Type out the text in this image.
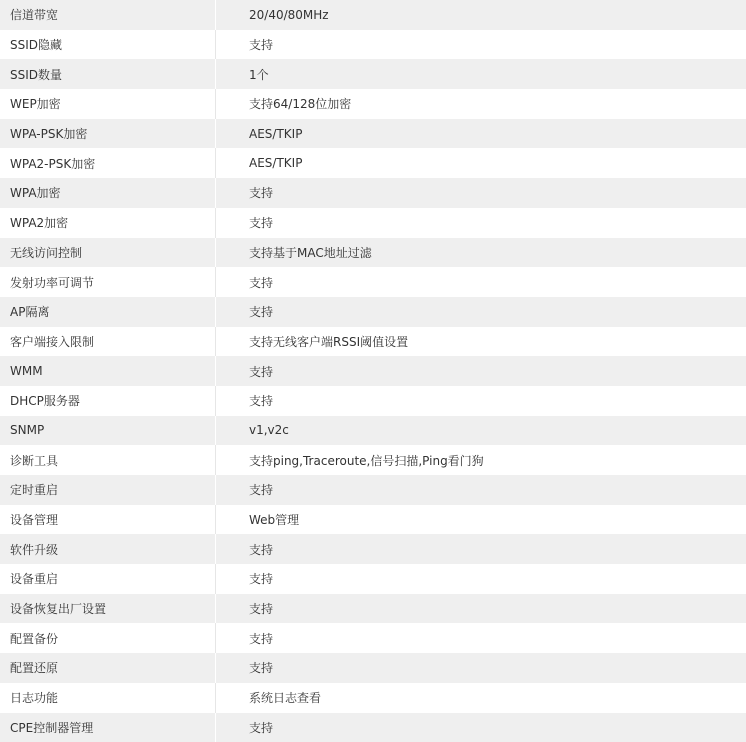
信道带宽	20/40/80MHz
SSID隐藏	支持
SSID数量	1个
WEP加密	支持64/128位加密
WPA-PSK加密	AES/TKIP
WPA2-PSK加密	AES/TKIP
WPA加密	支持
WPA2加密	支持
无线访问控制	支持基于MAC地址过滤
发射功率可调节	支持
AP隔离	支持
客户端接入限制	支持无线客户端RSSI阈值设置
WMM	支持
DHCP服务器	支持
SNMP	v1,v2c
诊断工具	支持ping,Traceroute,信号扫描,Ping看门狗
定时重启	支持
设备管理	Web管理
软件升级	支持
设备重启	支持
设备恢复出厂设置	支持
配置备份	支持
配置还原	支持
日志功能	系统日志查看
CPE控制器管理	支持
